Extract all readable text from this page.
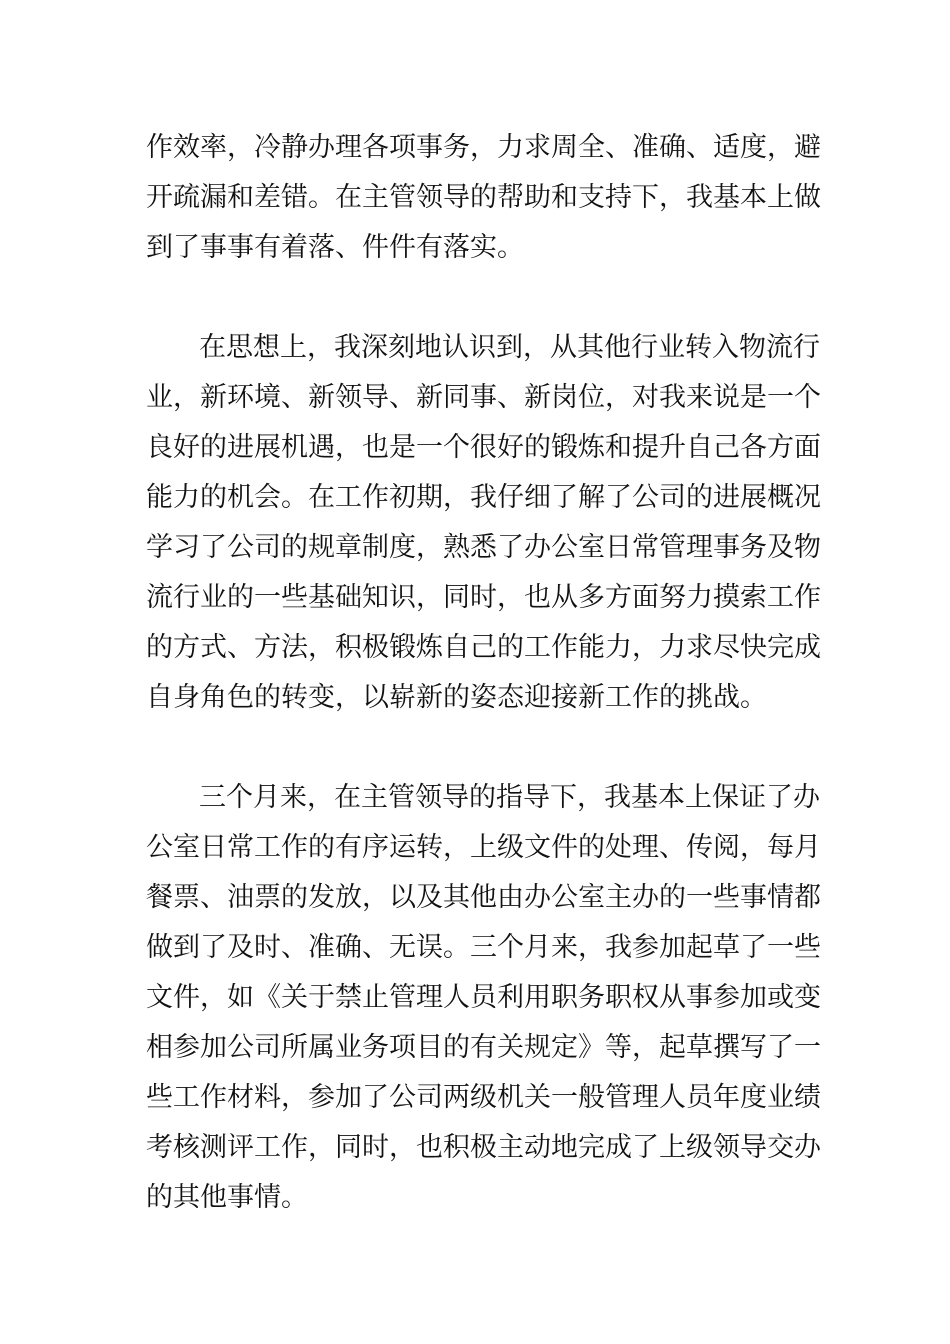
作效率，冷静办理各项事务，力求周全、准确、适度，避

开疏漏和差错。在主管领导的帮助和支持下，我基本上做

到了事事有着落、件件有落实。

在思想上，我深刻地认识到，从其他行业转入物流行

业，新环境、新领导、新同事、新岗位，对我来说是一个

良好的进展机遇，也是一个很好的锻炼和提升自己各方面

能力的机会。在工作初期，我仔细了解了公司的进展概况

学习了公司的规章制度，熟悉了办公室日常管理事务及物

流行业的一些基础知识，同时，也从多方面努力摸索工作

的方式、方法，积极锻炼自己的工作能力，力求尽快完成

自身角色的转变，以崭新的姿态迎接新工作的挑战。

三个月来，在主管领导的指导下，我基本上保证了办

公室日常工作的有序运转，上级文件的处理、传阅，每月

餐票、油票的发放，以及其他由办公室主办的一些事情都

做到了及时、准确、无误。三个月来，我参加起草了一些

文件，如《关于禁止管理人员利用职务职权从事参加或变

相参加公司所属业务项目的有关规定》等，起草撰写了一

些工作材料，参加了公司两级机关一般管理人员年度业绩

考核测评工作，同时，也积极主动地完成了上级领导交办

的其他事情。
